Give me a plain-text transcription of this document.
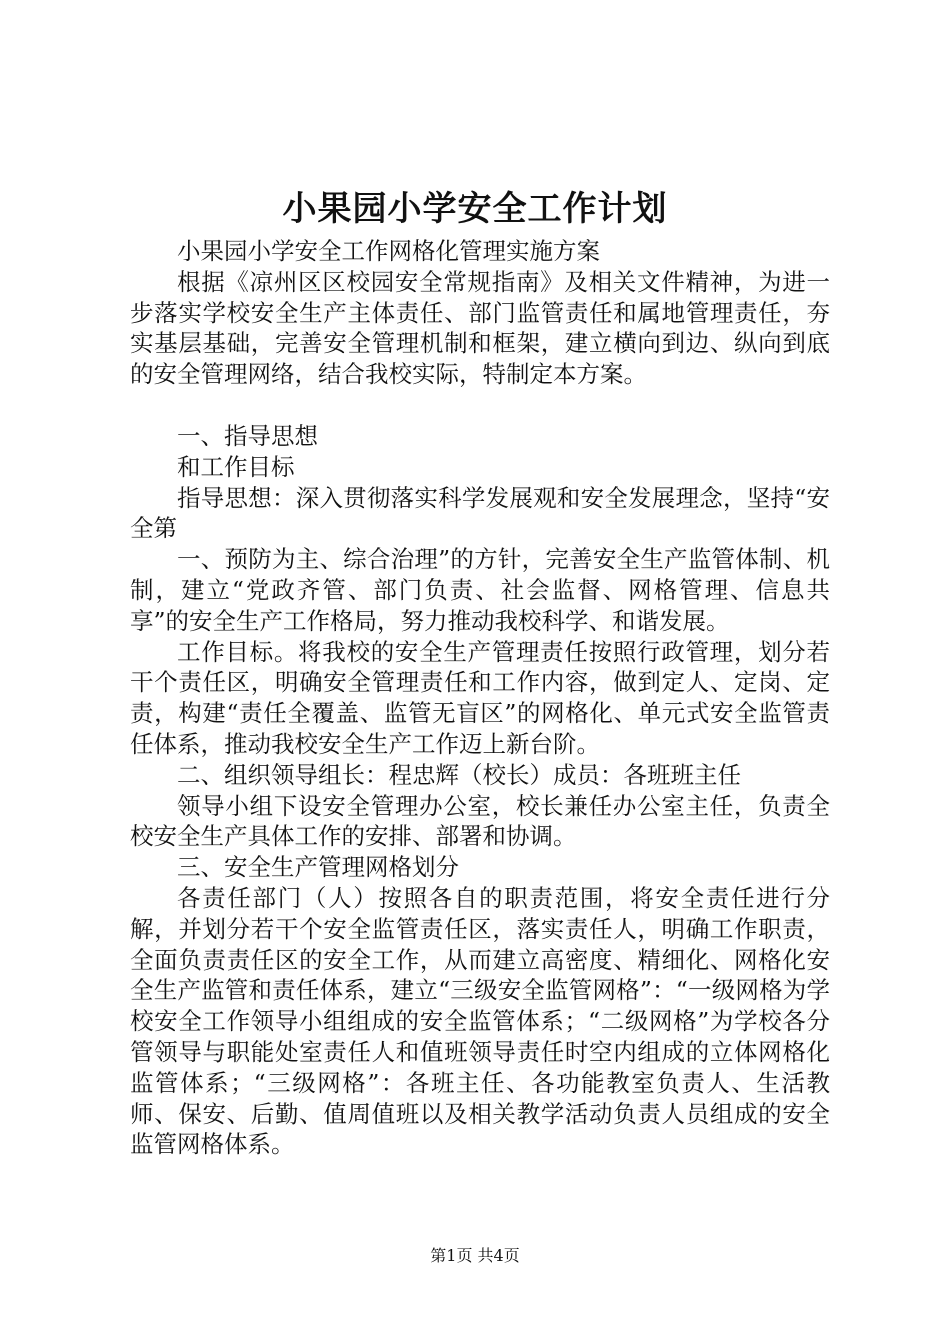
小果园小学安全工作计划

小果园小学安全工作网格化管理实施方案

根据《凉州区区校园安全常规指南》及相关文件精神，为进一步落实学校安全生产主体责任、部门监管责任和属地管理责任，夯实基层基础，完善安全管理机制和框架，建立横向到边、纵向到底的安全管理网络，结合我校实际，特制定本方案。

一、指导思想

和工作目标

指导思想：深入贯彻落实科学发展观和安全发展理念，坚持“安全第

一、预防为主、综合治理”的方针，完善安全生产监管体制、机制，建立“党政齐管、部门负责、社会监督、网格管理、信息共享”的安全生产工作格局，努力推动我校科学、和谐发展。

工作目标。将我校的安全生产管理责任按照行政管理，划分若干个责任区，明确安全管理责任和工作内容，做到定人、定岗、定责，构建“责任全覆盖、监管无盲区”的网格化、单元式安全监管责任体系，推动我校安全生产工作迈上新台阶。

二、组织领导组长：程忠辉（校长）成员：各班班主任

领导小组下设安全管理办公室，校长兼任办公室主任，负责全校安全生产具体工作的安排、部署和协调。

三、安全生产管理网格划分

各责任部门（人）按照各自的职责范围，将安全责任进行分解，并划分若干个安全监管责任区，落实责任人，明确工作职责，全面负责责任区的安全工作，从而建立高密度、精细化、网格化安全生产监管和责任体系，建立“三级安全监管网格”：“一级网格为学校安全工作领导小组组成的安全监管体系；“二级网格”为学校各分管领导与职能处室责任人和值班领导责任时空内组成的立体网格化监管体系；“三级网格”：各班主任、各功能教室负责人、生活教师、保安、后勤、值周值班以及相关教学活动负责人员组成的安全监管网格体系。

第1页 共4页
